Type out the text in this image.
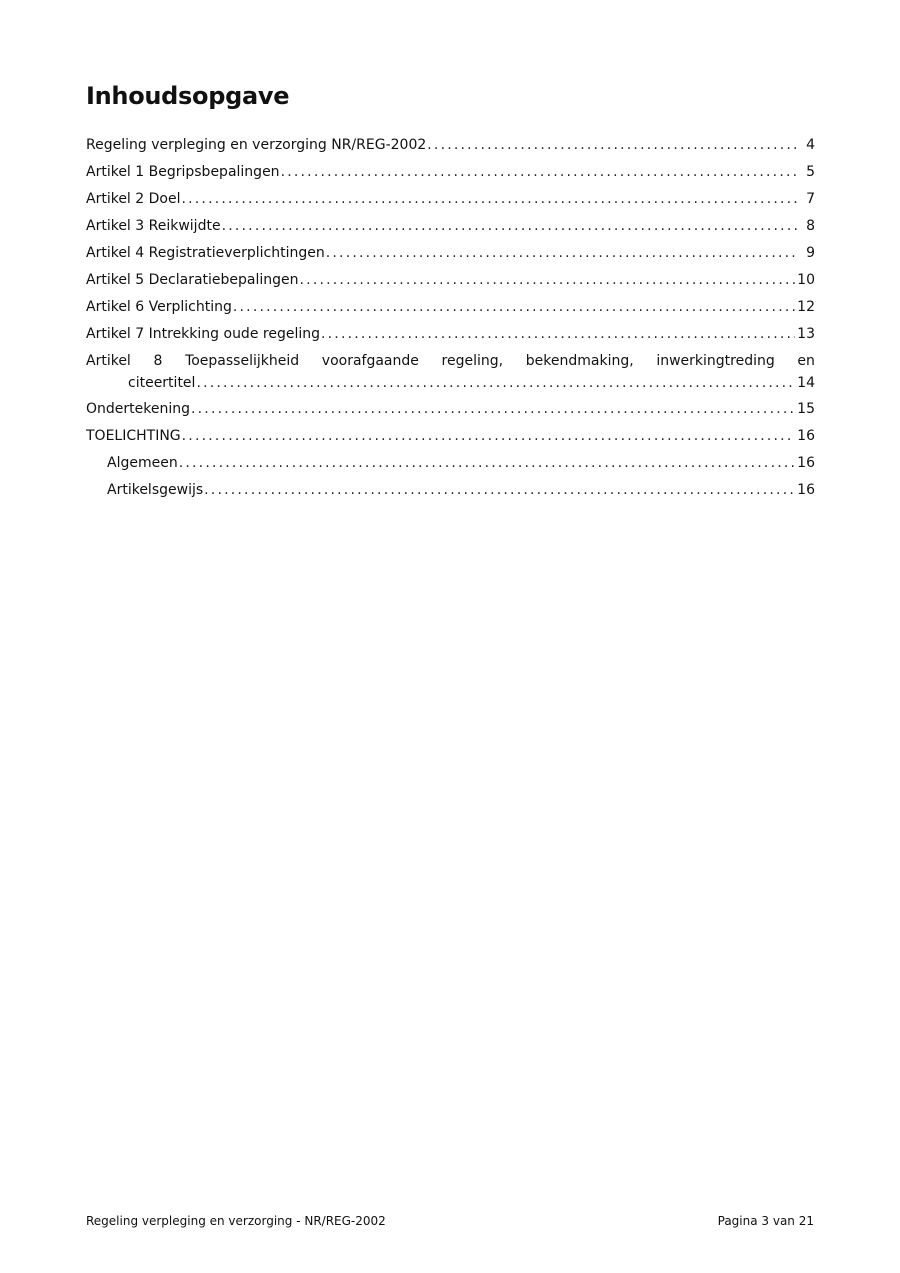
Inhoudsopgave
Regeling verpleging en verzorging NR/REG-2002 .....	4
Artikel 1 Begripsbepalingen .....	5
Artikel 2 Doel .....	7
Artikel 3 Reikwijdte .....	8
Artikel 4 Registratieverplichtingen .....	9
Artikel 5 Declaratiebepalingen .....	10
Artikel 6 Verplichting .....	12
Artikel 7 Intrekking oude regeling .....	13
Artikel 8 Toepasselijkheid voorafgaande regeling, bekendmaking, inwerkingtreding en
citeertitel .....	14
Ondertekening .....	15
TOELICHTING .....	16
Algemeen .....	16
Artikelsgewijs .....	16
Regeling verpleging en verzorging - NR/REG-2002	Pagina 3 van 21
